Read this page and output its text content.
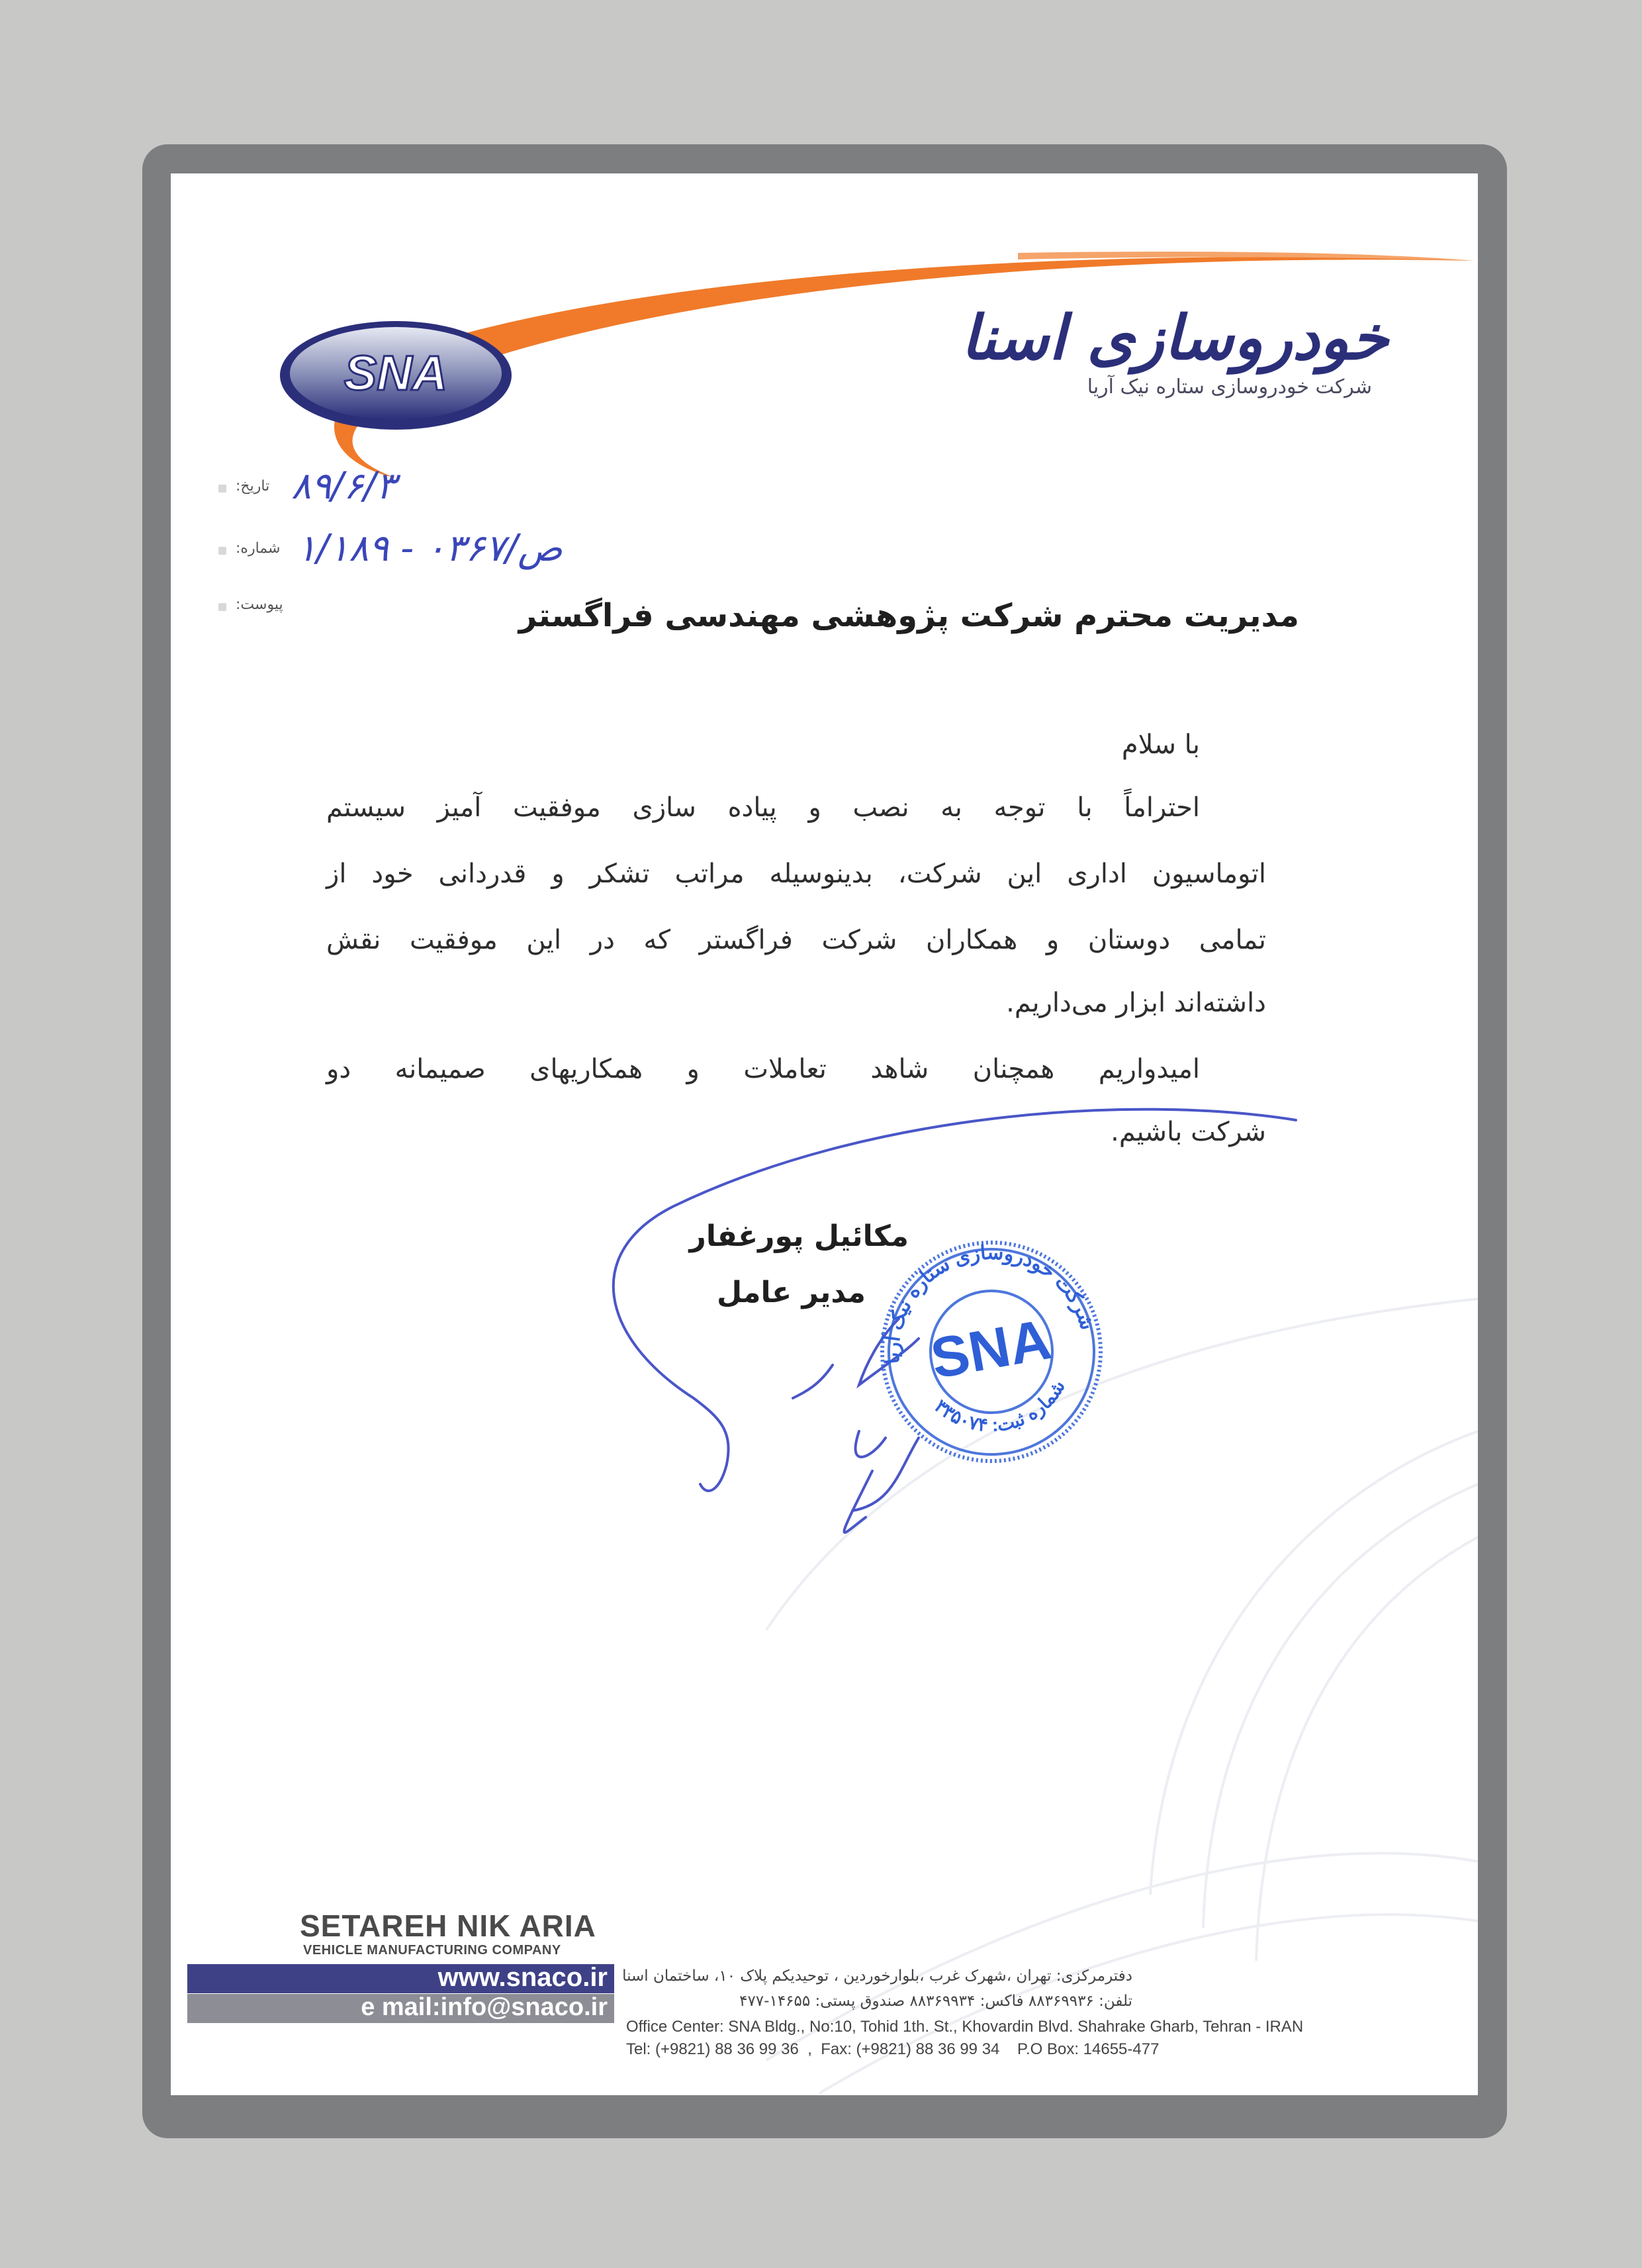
SNA	خودروسازی اسنا
شرکت خودروسازی ستاره نیک آریا
تاریخ: ۸۹/۶/۳
شماره: ۱/۱۸۹ - ص/۰۳۶۷
پیوست:	مدیریت محترم شرکت پژوهشی مهندسی فراگستر
با سلام
احتراماً با توجه به نصب و پیاده سازی موفقیت آمیز سیستم
اتوماسیون اداری این شرکت، بدینوسیله مراتب تشکر و قدردانی خود از
تمامی دوستان و همکاران شرکت فراگستر که در این موفقیت نقش
داشته‌اند ابزار می‌داریم.
امیدواریم همچنان شاهد تعاملات و همکاریهای صمیمانه دو
شرکت باشیم.
مکائیل پورغفار
مدیر عامل
شرکت خودروسازی ستاره نیک آریا
شماره ثبت: ۳۳۵۰۷۴
SNA
SETAREH NIK ARIA
VEHICLE MANUFACTURING COMPANY
www.snaco.ir
e mail:info@snaco.ir
دفترمرکزی: تهران ،شهرک غرب ،بلوارخوردین ، توحیدیکم پلاک ۱۰، ساختمان اسنا
تلفن: ۸۸۳۶۹۹۳۶ فاکس: ۸۸۳۶۹۹۳۴ صندوق پستی: ۱۴۶۵۵-۴۷۷
Office Center: SNA Bldg., No:10, Tohid 1th. St., Khovardin Blvd. Shahrake Gharb, Tehran - IRAN
Tel: (+9821) 88 36 99 36  ,  Fax: (+9821) 88 36 99 34    P.O Box: 14655-477
